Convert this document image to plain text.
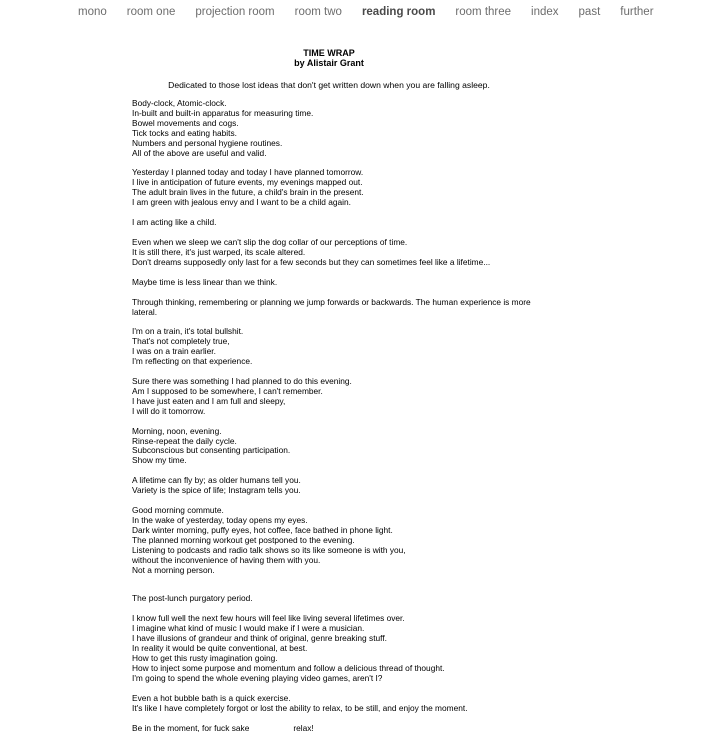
mono room one projection room room two reading room room three index past further
TIME WRAP
by Alistair Grant
Dedicated to those lost ideas that don't get written down when you are falling asleep.
Body-clock, Atomic-clock.
In-built and built-in apparatus for measuring time.
Bowel movements and cogs.
Tick tocks and eating habits.
Numbers and personal hygiene routines.
All of the above are useful and valid.
Yesterday I planned today and today I have planned tomorrow.
I live in anticipation of future events, my evenings mapped out.
The adult brain lives in the future, a child's brain in the present.
I am green with jealous envy and I want to be a child again.
I am acting like a child.
Even when we sleep we can't slip the dog collar of our perceptions of time.
It is still there, it's just warped, its scale altered.
Don't dreams supposedly only last for a few seconds but they can sometimes feel like a lifetime...
Maybe time is less linear than we think.
Through thinking, remembering or planning we jump forwards or backwards. The human experience is more lateral.
I'm on a train, it's total bullshit.
That's not completely true,
I was on a train earlier.
I'm reflecting on that experience.
Sure there was something I had planned to do this evening.
Am I supposed to be somewhere, I can't remember.
I have just eaten and I am full and sleepy,
I will do it tomorrow.
Morning, noon, evening.
Rinse-repeat the daily cycle.
Subconscious but consenting participation.
Show my time.
A lifetime can fly by; as older humans tell you.
Variety is the spice of life; Instagram tells you.
Good morning commute.
In the wake of yesterday, today opens my eyes.
Dark winter morning, puffy eyes, hot coffee, face bathed in phone light.
The planned morning workout get postponed to the evening.
Listening to podcasts and radio talk shows so its like someone is with you,
without the inconvenience of having them with you.
Not a morning person.
The post-lunch purgatory period.
I know full well the next few hours will feel like living several lifetimes over.
I imagine what kind of music I would make if I were a musician.
I have illusions of grandeur and think of original, genre breaking stuff.
In reality it would be quite conventional, at best.
How to get this rusty imagination going.
How to inject some purpose and momentum and follow a delicious thread of thought.
I'm going to spend the whole evening playing video games, aren't I?
Even a hot bubble bath is a quick exercise.
It's like I have completely forgot or lost the ability to relax, to be still, and enjoy the moment.
Be in the moment, for fuck sake	relax!
